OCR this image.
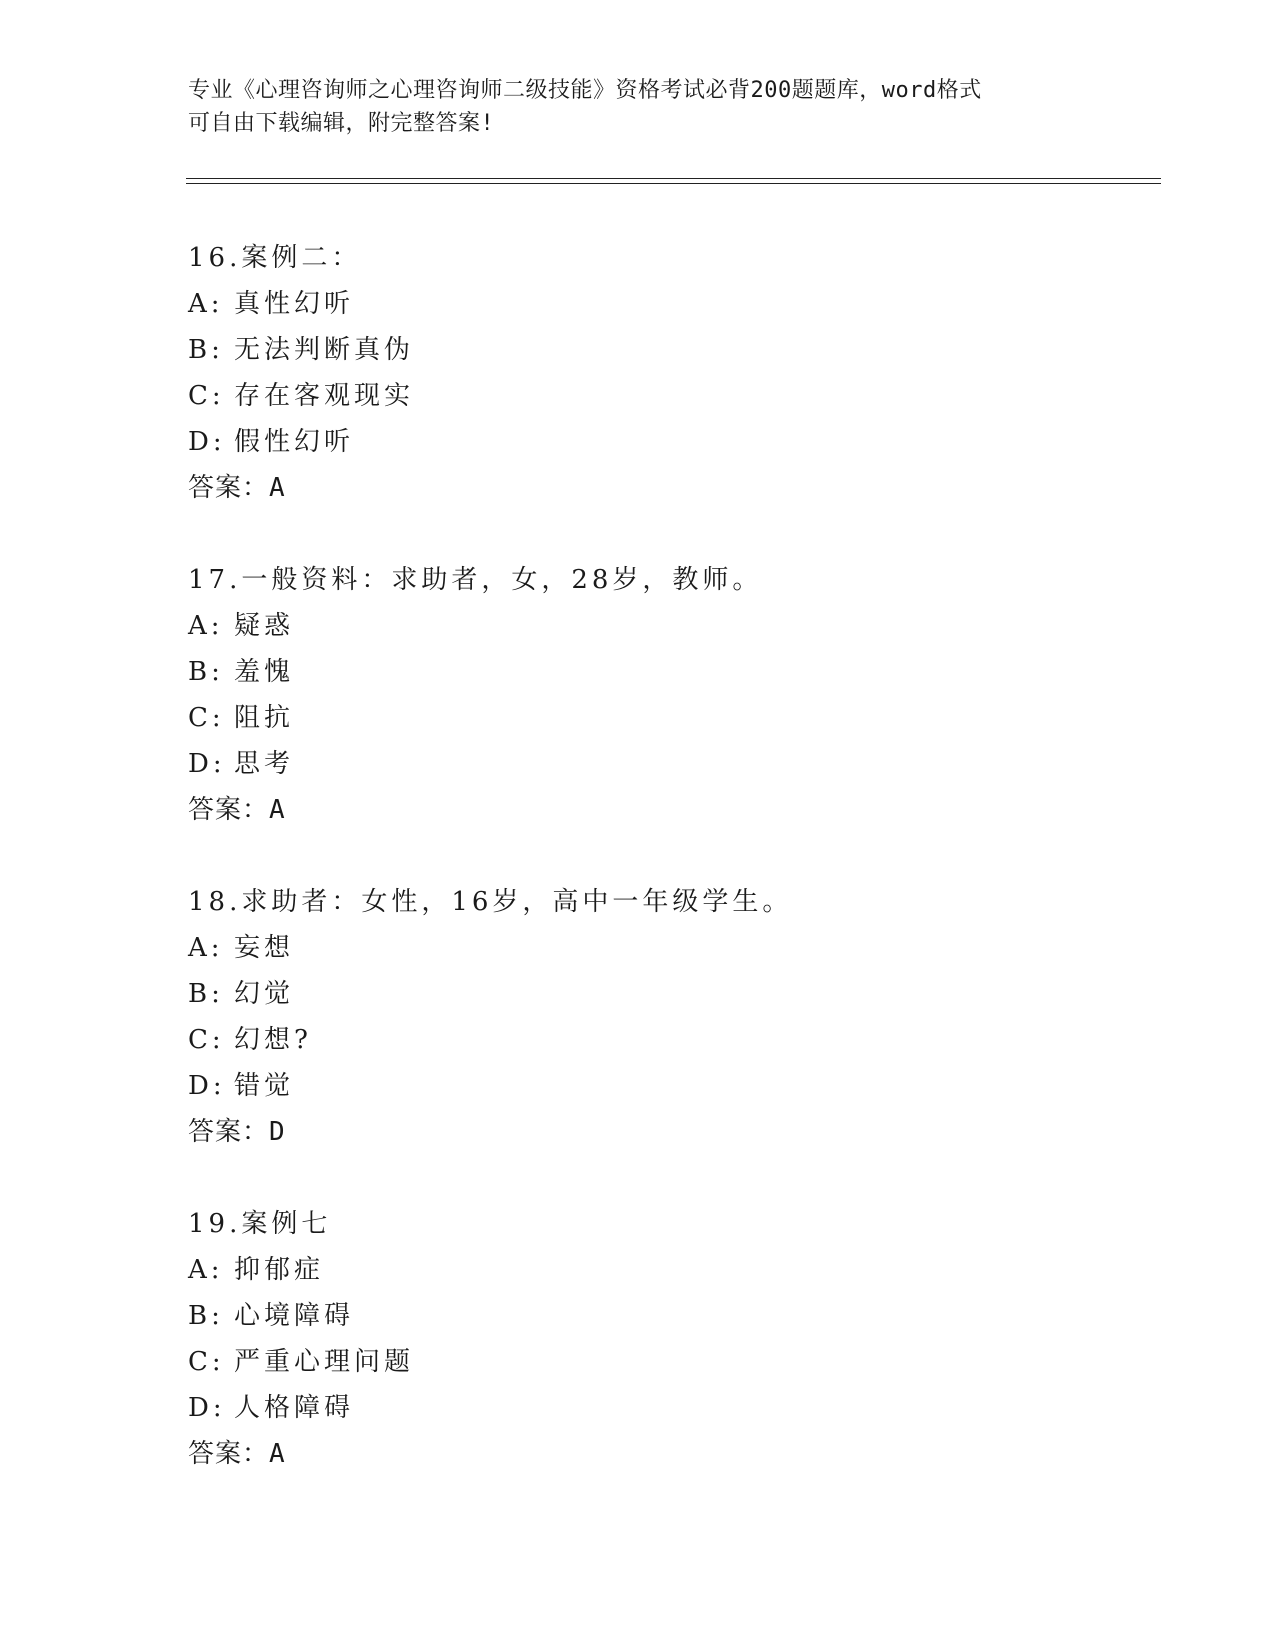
专业《心理咨询师之心理咨询师二级技能》资格考试必背200题题库，word格式
可自由下载编辑，附完整答案!
16.案例二：
A: 真性幻听
B: 无法判断真伪
C: 存在客观现实
D: 假性幻听
答案：A
17.一般资料：求助者，女，28岁，教师。
A: 疑惑
B: 羞愧
C: 阻抗
D: 思考
答案：A
18.求助者：女性，16岁，高中一年级学生。
A: 妄想
B: 幻觉
C: 幻想?
D: 错觉
答案：D
19.案例七
A: 抑郁症
B: 心境障碍
C: 严重心理问题
D: 人格障碍
答案：A
